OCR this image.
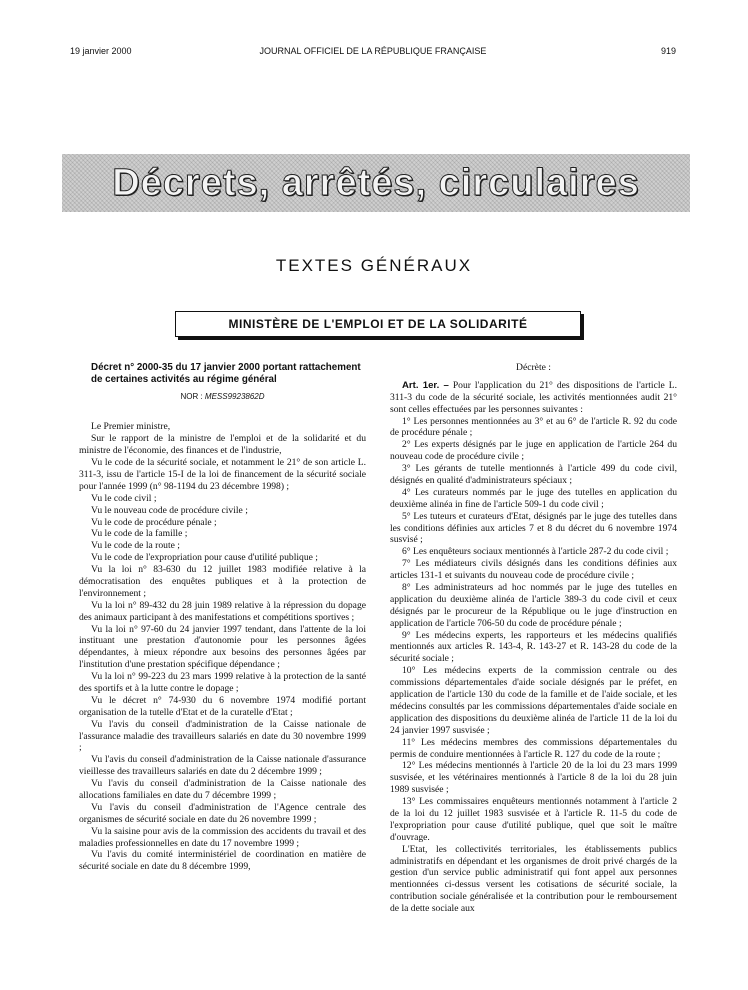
19 janvier 2000	JOURNAL OFFICIEL DE LA RÉPUBLIQUE FRANÇAISE	919
Décrets, arrêtés, circulaires
TEXTES GÉNÉRAUX
MINISTÈRE DE L'EMPLOI ET DE LA SOLIDARITÉ
Décret n° 2000-35 du 17 janvier 2000 portant rattachement de certaines activités au régime général
NOR : MESS9923862D

Le Premier ministre,

Sur le rapport de la ministre de l'emploi et de la solidarité et du ministre de l'économie, des finances et de l'industrie,

Vu le code de la sécurité sociale, et notamment le 21° de son article L. 311-3, issu de l'article 15-I de la loi de financement de la sécurité sociale pour l'année 1999 (n° 98-1194 du 23 décembre 1998) ;

Vu le code civil ;

Vu le nouveau code de procédure civile ;

Vu le code de procédure pénale ;

Vu le code de la famille ;

Vu le code de la route ;

Vu le code de l'expropriation pour cause d'utilité publique ;

Vu la loi n° 83-630 du 12 juillet 1983 modifiée relative à la démocratisation des enquêtes publiques et à la protection de l'environnement ;

Vu la loi n° 89-432 du 28 juin 1989 relative à la répression du dopage des animaux participant à des manifestations et compétitions sportives ;

Vu la loi n° 97-60 du 24 janvier 1997 tendant, dans l'attente de la loi instituant une prestation d'autonomie pour les personnes âgées dépendantes, à mieux répondre aux besoins des personnes âgées par l'institution d'une prestation spécifique dépendance ;

Vu la loi n° 99-223 du 23 mars 1999 relative à la protection de la santé des sportifs et à la lutte contre le dopage ;

Vu le décret n° 74-930 du 6 novembre 1974 modifié portant organisation de la tutelle d'Etat et de la curatelle d'Etat ;

Vu l'avis du conseil d'administration de la Caisse nationale de l'assurance maladie des travailleurs salariés en date du 30 novembre 1999 ;

Vu l'avis du conseil d'administration de la Caisse nationale d'assurance vieillesse des travailleurs salariés en date du 2 décembre 1999 ;

Vu l'avis du conseil d'administration de la Caisse nationale des allocations familiales en date du 7 décembre 1999 ;

Vu l'avis du conseil d'administration de l'Agence centrale des organismes de sécurité sociale en date du 26 novembre 1999 ;

Vu la saisine pour avis de la commission des accidents du travail et des maladies professionnelles en date du 17 novembre 1999 ;

Vu l'avis du comité interministériel de coordination en matière de sécurité sociale en date du 8 décembre 1999,

Décrète :

Art. 1er. – Pour l'application du 21° des dispositions de l'article L. 311-3 du code de la sécurité sociale, les activités mentionnées audit 21° sont celles effectuées par les personnes suivantes :

1° Les personnes mentionnées au 3° et au 6° de l'article R. 92 du code de procédure pénale ;

2° Les experts désignés par le juge en application de l'article 264 du nouveau code de procédure civile ;

3° Les gérants de tutelle mentionnés à l'article 499 du code civil, désignés en qualité d'administrateurs spéciaux ;

4° Les curateurs nommés par le juge des tutelles en application du deuxième alinéa in fine de l'article 509-1 du code civil ;

5° Les tuteurs et curateurs d'Etat, désignés par le juge des tutelles dans les conditions définies aux articles 7 et 8 du décret du 6 novembre 1974 susvisé ;

6° Les enquêteurs sociaux mentionnés à l'article 287-2 du code civil ;

7° Les médiateurs civils désignés dans les conditions définies aux articles 131-1 et suivants du nouveau code de procédure civile ;

8° Les administrateurs ad hoc nommés par le juge des tutelles en application du deuxième alinéa de l'article 389-3 du code civil et ceux désignés par le procureur de la République ou le juge d'instruction en application de l'article 706-50 du code de procédure pénale ;

9° Les médecins experts, les rapporteurs et les médecins qualifiés mentionnés aux articles R. 143-4, R. 143-27 et R. 143-28 du code de la sécurité sociale ;

10° Les médecins experts de la commission centrale ou des commissions départementales d'aide sociale désignés par le préfet, en application de l'article 130 du code de la famille et de l'aide sociale, et les médecins consultés par les commissions départementales d'aide sociale en application des dispositions du deuxième alinéa de l'article 11 de la loi du 24 janvier 1997 susvisée ;

11° Les médecins membres des commissions départementales du permis de conduire mentionnées à l'article R. 127 du code de la route ;

12° Les médecins mentionnés à l'article 20 de la loi du 23 mars 1999 susvisée, et les vétérinaires mentionnés à l'article 8 de la loi du 28 juin 1989 susvisée ;

13° Les commissaires enquêteurs mentionnés notamment à l'article 2 de la loi du 12 juillet 1983 susvisée et à l'article R. 11-5 du code de l'expropriation pour cause d'utilité publique, quel que soit le maître d'ouvrage.

L'Etat, les collectivités territoriales, les établissements publics administratifs en dépendant et les organismes de droit privé chargés de la gestion d'un service public administratif qui font appel aux personnes mentionnées ci-dessus versent les cotisations de sécurité sociale, la contribution sociale généralisée et la contribution pour le remboursement de la dette sociale aux
